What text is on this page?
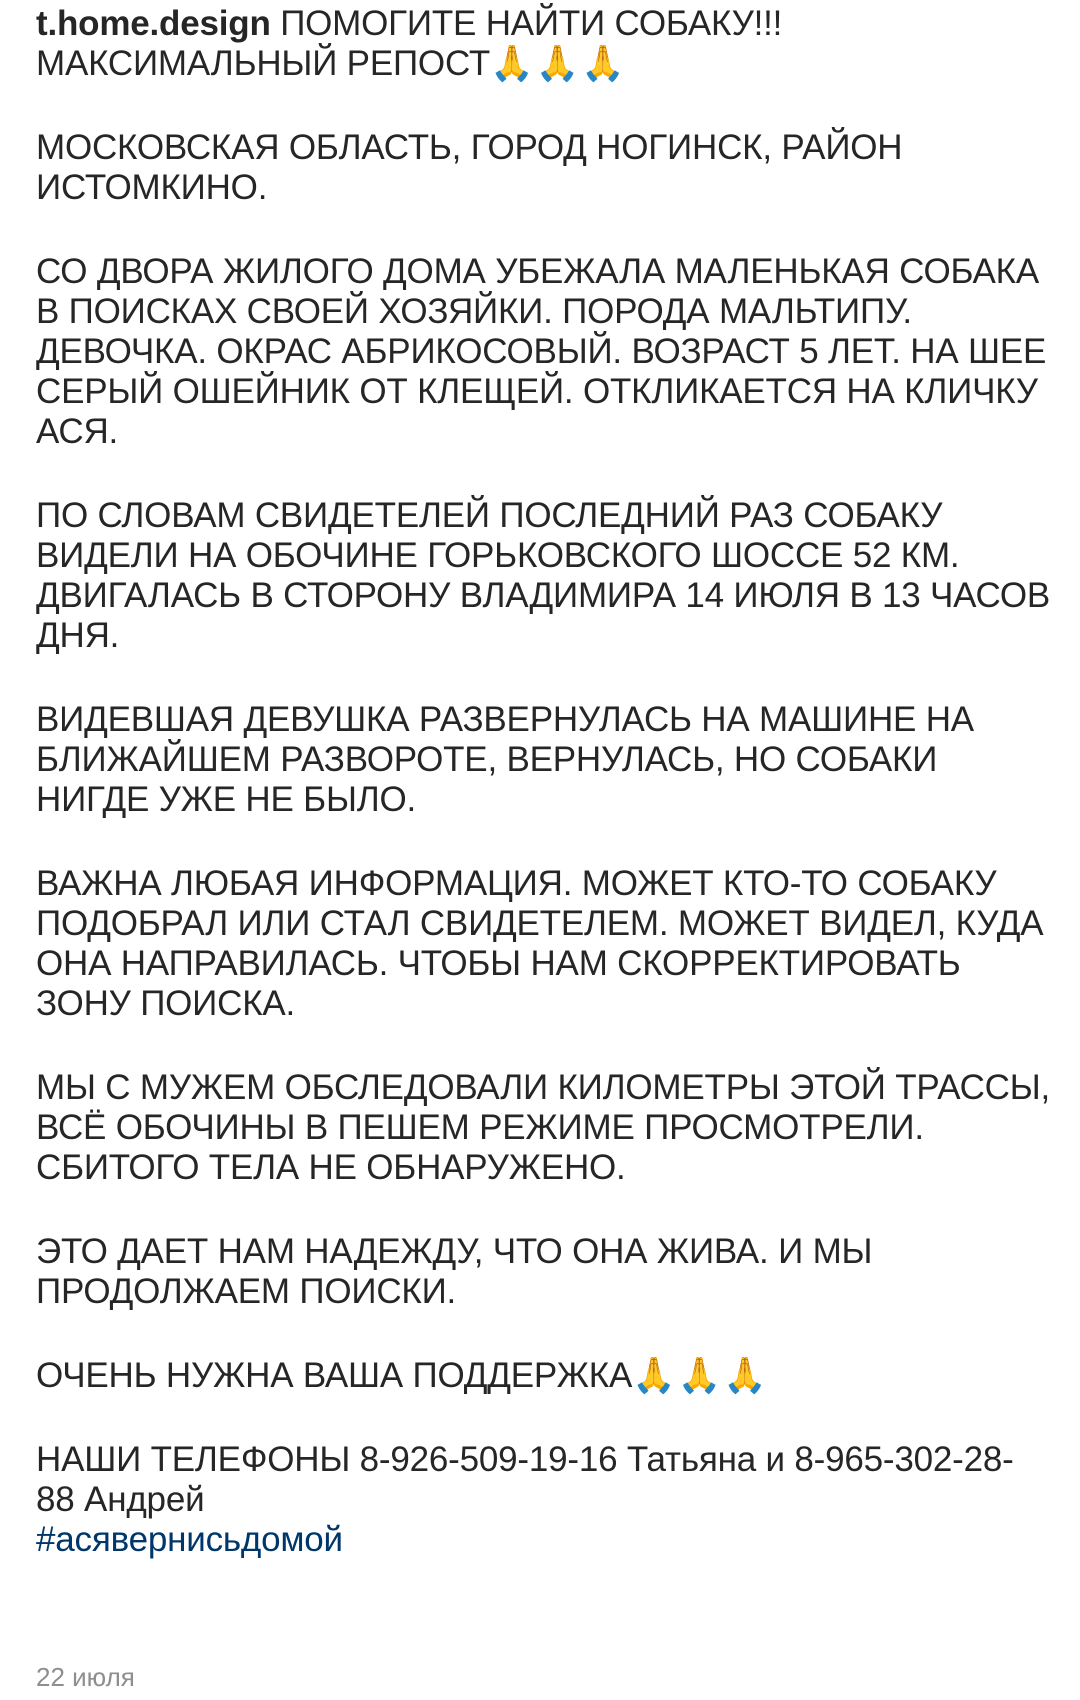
t.home.design ПОМОГИТЕ НАЙТИ СОБАКУ!!!
МАКСИМАЛЬНЫЙ РЕПОСТ🙏🙏🙏
МОСКОВСКАЯ ОБЛАСТЬ, ГОРОД НОГИНСК, РАЙОН ИСТОМКИНО.
СО ДВОРА ЖИЛОГО ДОМА УБЕЖАЛА МАЛЕНЬКАЯ СОБАКА В ПОИСКАХ СВОЕЙ ХОЗЯЙКИ. ПОРОДА МАЛЬТИПУ. ДЕВОЧКА. ОКРАС АБРИКОСОВЫЙ. ВОЗРАСТ 5 ЛЕТ. НА ШЕЕ СЕРЫЙ ОШЕЙНИК ОТ КЛЕЩЕЙ. ОТКЛИКАЕТСЯ НА КЛИЧКУ АСЯ.
ПО СЛОВАМ СВИДЕТЕЛЕЙ ПОСЛЕДНИЙ РАЗ СОБАКУ ВИДЕЛИ НА ОБОЧИНЕ ГОРЬКОВСКОГО ШОССЕ 52 КМ. ДВИГАЛАСЬ В СТОРОНУ ВЛАДИМИРА 14 ИЮЛЯ В 13 ЧАСОВ ДНЯ.
ВИДЕВШАЯ ДЕВУШКА РАЗВЕРНУЛАСЬ НА МАШИНЕ НА БЛИЖАЙШЕМ РАЗВОРОТЕ, ВЕРНУЛАСЬ, НО СОБАКИ НИГДЕ УЖЕ НЕ БЫЛО.
ВАЖНА ЛЮБАЯ ИНФОРМАЦИЯ. МОЖЕТ КТО-ТО СОБАКУ ПОДОБРАЛ ИЛИ СТАЛ СВИДЕТЕЛЕМ. МОЖЕТ ВИДЕЛ, КУДА ОНА НАПРАВИЛАСЬ. ЧТОБЫ НАМ СКОРРЕКТИРОВАТЬ ЗОНУ ПОИСКА.
МЫ С МУЖЕМ ОБСЛЕДОВАЛИ КИЛОМЕТРЫ ЭТОЙ ТРАССЫ, ВСЁ ОБОЧИНЫ В ПЕШЕМ РЕЖИМЕ ПРОСМОТРЕЛИ. СБИТОГО ТЕЛА НЕ ОБНАРУЖЕНО.
ЭТО ДАЕТ НАМ НАДЕЖДУ, ЧТО ОНА ЖИВА. И МЫ ПРОДОЛЖАЕМ ПОИСКИ.
ОЧЕНЬ НУЖНА ВАША ПОДДЕРЖКА🙏🙏🙏
НАШИ ТЕЛЕФОНЫ 8-926-509-19-16 Татьяна и 8-965-302-28-88 Андрей
#асявернисьдомой
22 июля
